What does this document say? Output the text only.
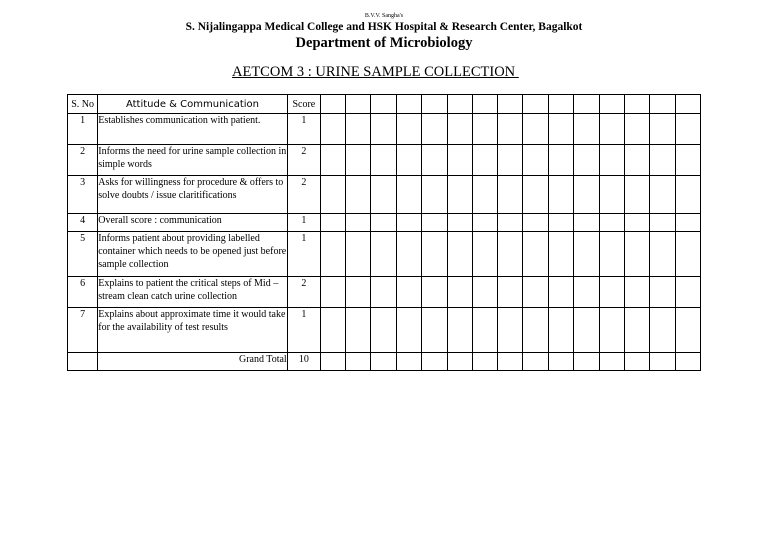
B.V.V. Sangha's
S. Nijalingappa Medical College and HSK Hospital & Research Center, Bagalkot
Department of Microbiology
AETCOM 3 : URINE SAMPLE COLLECTION
S. No	Attitude & Communication	Score															
1	Establishes communication with patient.	1															
2	Informs the need for urine sample collection in simple words	2															
3	Asks for willingness for procedure & offers to solve doubts / issue claritifications	2															
4	Overall score : communication	1															
5	Informs patient about providing labelled container which needs to be opened just before sample collection	1															
6	Explains to patient the critical steps of Mid – stream clean catch urine collection	2															
7	Explains about approximate time it would take for the availability of test results	1															
	Grand Total	10															
